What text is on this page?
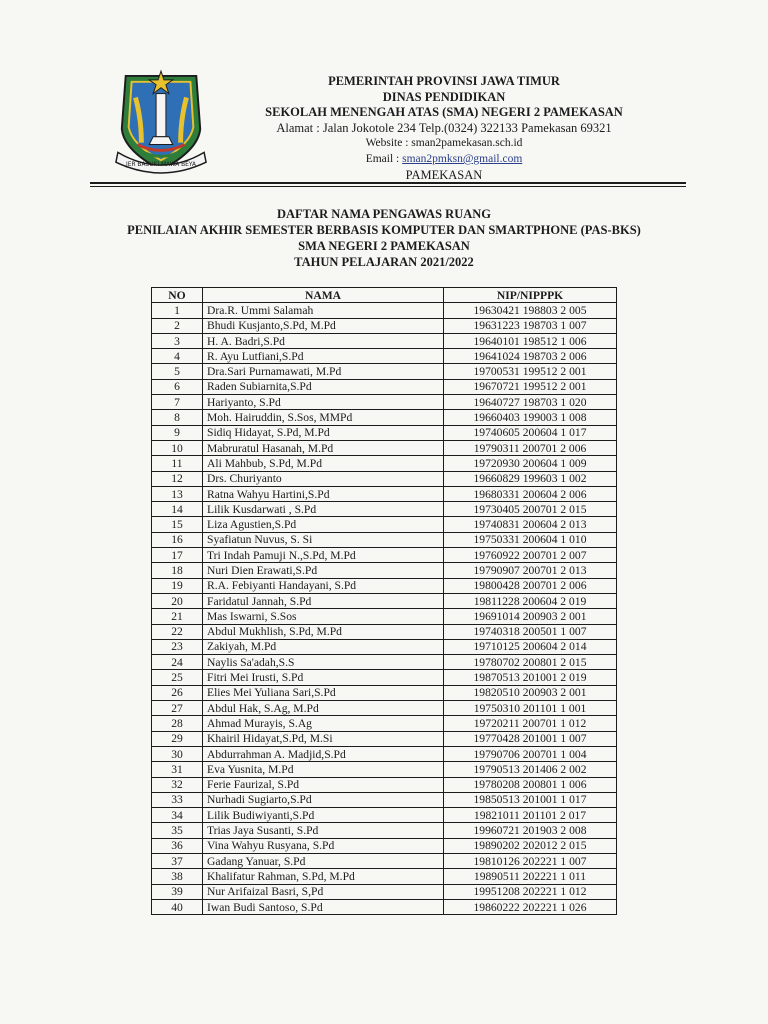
JER BASUKI MAWA BEYA
PEMERINTAH PROVINSI JAWA TIMUR
DINAS PENDIDIKAN
SEKOLAH MENENGAH ATAS (SMA) NEGERI 2 PAMEKASAN
Alamat : Jalan Jokotole 234 Telp.(0324) 322133 Pamekasan 69321
Website : sman2pamekasan.sch.id
Email : sman2pmksn@gmail.com
PAMEKASAN
DAFTAR NAMA PENGAWAS RUANG
PENILAIAN AKHIR SEMESTER BERBASIS KOMPUTER DAN SMARTPHONE (PAS-BKS)
SMA NEGERI 2 PAMEKASAN
TAHUN PELAJARAN 2021/2022
NO	NAMA	NIP/NIPPPK
1	Dra.R. Ummi Salamah	19630421 198803 2 005
2	Bhudi Kusjanto,S.Pd, M.Pd	19631223 198703 1 007
3	H. A. Badri,S.Pd	19640101 198512 1 006
4	R. Ayu Lutfiani,S.Pd	19641024 198703 2 006
5	Dra.Sari Purnamawati, M.Pd	19700531 199512 2 001
6	Raden Subiarnita,S.Pd	19670721 199512 2 001
7	Hariyanto, S.Pd	19640727 198703 1 020
8	Moh. Hairuddin, S.Sos, MMPd	19660403 199003 1 008
9	Sidiq Hidayat, S.Pd, M.Pd	19740605 200604 1 017
10	Mabruratul Hasanah, M.Pd	19790311 200701 2 006
11	Ali Mahbub, S.Pd, M.Pd	19720930 200604 1 009
12	Drs. Churiyanto	19660829 199603 1 002
13	Ratna Wahyu Hartini,S.Pd	19680331 200604 2 006
14	Lilik Kusdarwati , S.Pd	19730405 200701 2 015
15	Liza Agustien,S.Pd	19740831 200604 2 013
16	Syafiatun Nuvus, S. Si	19750331 200604 1 010
17	Tri Indah Pamuji N.,S.Pd, M.Pd	19760922 200701 2 007
18	Nuri Dien Erawati,S.Pd	19790907 200701 2 013
19	R.A. Febiyanti Handayani, S.Pd	19800428 200701 2 006
20	Faridatul Jannah, S.Pd	19811228 200604 2 019
21	Mas Iswarni, S.Sos	19691014 200903 2 001
22	Abdul Mukhlish, S.Pd, M.Pd	19740318 200501 1 007
23	Zakiyah, M.Pd	19710125 200604 2 014
24	Naylis Sa'adah,S.S	19780702 200801 2 015
25	Fitri Mei Irusti, S.Pd	19870513 201001 2 019
26	Elies Mei Yuliana Sari,S.Pd	19820510 200903 2 001
27	Abdul Hak, S.Ag, M.Pd	19750310 201101 1 001
28	Ahmad Murayis, S.Ag	19720211 200701 1 012
29	Khairil Hidayat,S.Pd, M.Si	19770428 201001 1 007
30	Abdurrahman A. Madjid,S.Pd	19790706 200701 1 004
31	Eva Yusnita, M.Pd	19790513 201406 2 002
32	Ferie Faurizal, S.Pd	19780208 200801 1 006
33	Nurhadi Sugiarto,S.Pd	19850513 201001 1 017
34	Lilik Budiwiyanti,S.Pd	19821011 201101 2 017
35	Trias Jaya Susanti, S.Pd	19960721 201903 2 008
36	Vina Wahyu Rusyana, S.Pd	19890202 202012 2 015
37	Gadang Yanuar, S.Pd	19810126 202221 1 007
38	Khalifatur Rahman, S.Pd, M.Pd	19890511 202221 1 011
39	Nur Arifaizal Basri, S,Pd	19951208 202221 1 012
40	Iwan Budi Santoso, S.Pd	19860222 202221 1 026
